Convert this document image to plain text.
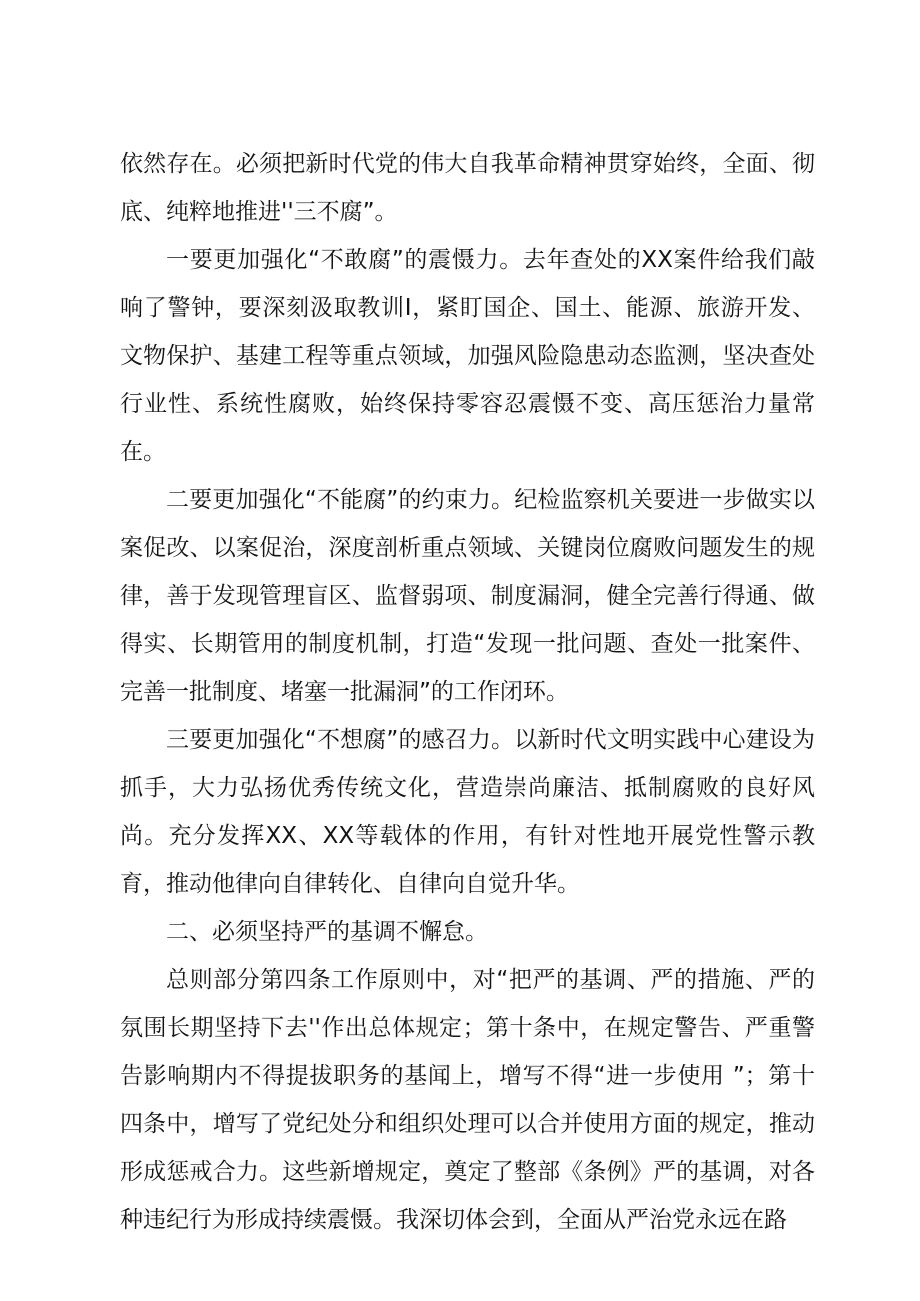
依然存在。必须把新时代党的伟大自我革命精神贯穿始终，全面、彻底、纯粹地推进''三不腐”。

一要更加强化“不敢腐”的震慑力。去年查处的XX案件给我们敲响了警钟，要深刻汲取教训I，紧盯国企、国土、能源、旅游开发、文物保护、基建工程等重点领域，加强风险隐患动态监测，坚决查处行业性、系统性腐败，始终保持零容忍震慑不变、高压惩治力量常在。

二要更加强化“不能腐”的约束力。纪检监察机关要进一步做实以案促改、以案促治，深度剖析重点领域、关键岗位腐败问题发生的规律，善于发现管理盲区、监督弱项、制度漏洞，健全完善行得通、做得实、长期管用的制度机制，打造“发现一批问题、查处一批案件、完善一批制度、堵塞一批漏洞”的工作闭环。

三要更加强化“不想腐”的感召力。以新时代文明实践中心建设为抓手，大力弘扬优秀传统文化，营造崇尚廉洁、抵制腐败的良好风尚。充分发挥XX、XX等载体的作用，有针对性地开展党性警示教育，推动他律向自律转化、自律向自觉升华。

二、必须坚持严的基调不懈怠。

总则部分第四条工作原则中，对“把严的基调、严的措施、严的氛围长期坚持下去''作出总体规定；第十条中，在规定警告、严重警告影响期内不得提拔职务的基闻上，增写不得“进一步使用 ”；第十四条中，增写了党纪处分和组织处理可以合并使用方面的规定，推动形成惩戒合力。这些新增规定，奠定了整部《条例》严的基调，对各种违纪行为形成持续震慑。我深切体会到，全面从严治党永远在路
